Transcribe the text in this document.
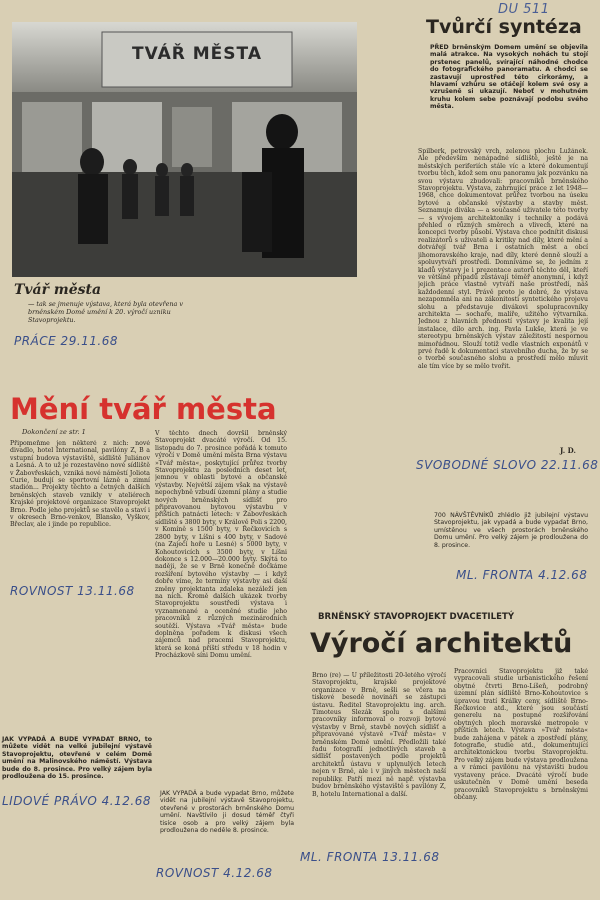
TVÁŘ MĚSTA
Tvář města

— tak se jmenuje výstava, která byla otevřena v brněnském Domě umění k 20. výročí uzniku Stavoprojektu.

PRÁCE 29.11.68
DU 511
Tvůrčí syntéza

PŘED brněnským Domem umění se objevila malá atrakce. Na vysokých nohách tu stojí prstenec panelů, svírající náhodné chodce do fotografického panoramatu. A chodci se zastavují uprostřed této cirkorámy, a hlavami vzhůru se otáčejí kolem své osy a vzrušeně si ukazují. Neboť v mohutném kruhu kolem sebe poznávají podobu svého města.

Špilberk, petrovský vrch, zelenou plochu Lužánek. Ale především nenápadné sídliště, ještě je na městských periferiích stále víc a které dokumentují tvorbu těch, kdož sem onu panoramu jak pozvánku na svou výstavu zbudovali: pracovníků brněnského Stavoprojektu. Výstava, zahrnující práce z let 1948—1968, chce dokumentovat průřez tvorbou na úseku bytové a občanské výstavby a stavby měst. Seznamuje diváka — a současně uživatele této tvorby — s vývojem architektoniky i techniky a podává přehled o různých směrech a vlivech, které na koncepci tvorby působí. Výstava chce podnítit diskusi realizátorů s uživateli a kritiky nad díly, které mění a dotvářejí tvář Brna i ostatních měst a obcí jihomoravského kraje, nad díly, které denně slouží a spoluvytváří prostředí. Domníváme se, že jedním z kladů výstavy je i prezentace autorů těchto děl, kteří ve většině případů zůstávají téměř anonymní, i když jejich práce vlastně vytváří naše prostředí, náš každodenní styl. Právě proto je dobré, že výstava nezapomněla ani na zákonitosti syntetického projevu slohu a představuje divákovi spolupracovníky architekta — sochaře, malíře, užitého výtvarníka. Jednou z hlavních předností výstavy je kvalita její instalace, dílo arch. ing. Pavla Lukše, která je ve stereotypu brněnských výstav záležitostí nespornou mimořádnou. Slouží totiž vedle vlastních exponátů v prvé řadě k dokumentaci stavebního ducha, že by se o tvorbě současného slohu a prostředí mělo mluvit ale tím více by se mělo tvořit.

J. D.
SVOBODNÉ SLOVO 22.11.68
Mění tvář města
Dokončení ze str. 1

Připomeňme jen některé z nich: nové divadlo, hotel International, pavilóny Z, B a vstupní budova výstaviště, sídliště Juliánov a Lesná. A to už je rozestavěno nové sídliště v Žabovřeskách, vzniká nové náměstí Joliota Curie, budují se sportovní lázně a zimní stadión... Projekty těchto a četných dalších brněnských staveb vznikly v ateliérech Krajské projektové organizace Stavoprojekt Brno. Podle jeho projektů se stavělo a staví i v okresech Brno-venkov, Blansko, Vyškov, Břeclav, ale i jinde po republice.

V těchto dnech dovršil brněnský Stavoprojekt dvacáté výročí. Od 15. listopadu do 7. prosince pořádá k tomuto výročí v Domě umění města Brna výstavu »Tvář města«, poskytující průřez tvorby Stavoprojektu za posledních deset let, jemnou v oblasti bytové a občanské výstavby. Největší zájem však na výstavě nepochybně vzbudí územní plány a studie nových brněnských sídlišť pro připravovanou bytovou výstavbu v příštích patnácti letech: v Žabovřeskách sídliště s 3800 byty, v Králově Poli s 2200, v Komíně s 1500 byty, v Řečkovicích s 2800 byty, v Líšni s 400 byty, v Sadové (na Zaječí hoře u Lesné) s 5000 byty, v Kohoutovicích s 3500 byty, v Líšni dokonce s 12.000—20.000 byty. Skýtá to naději, že se v Brně konečně dočkáme rozšíření bytového výstavby — i když dobře víme, že termíny výstavby asi daší změny projektanta zdaleka nezáleží jen na nich. Kromě dalších ukázek tvorby Stavoprojektu soustředí výstava i vyznamenané a oceněné studie jeho pracovníků z různých mezinárodních soutěží. Výstava »Tvář města« bude doplněna pořadem k diskusi všech zájemců nad pracemi Stavoprojektu, která se koná příští středu v 18 hodin v Procházkově síni Domu umění.

ROVNOST 13.11.68

700 NÁVŠTĚVNÍKŮ zhlédlo již jubilejní výstavu Stavoprojektu, jak vypadá a bude vypadat Brno, umístěnou ve všech prostorách brněnského Domu umění. Pro velký zájem je prodloužena do 8. prosince.

ML. FRONTA 4.12.68
BRNĚNSKÝ STAVOPROJEKT DVACETILETÝ
Výročí architektů

Brno (re) — U příležitosti 20-letého výročí Stavoprojektu, krajské projektové organizace v Brně, sešli se včera na tiskové besedě novináři se zástupci ústavu. Ředitel Stavoprojektu ing. arch. Timoteus Slezák spolu s dalšími pracovníky informoval o rozvoji bytové výstavby v Brně, stavbě nových sídlišť a připravované výstavě »Tvář města« v brněnském Domě umění. Předložili také řadu fotografií jednotlivých staveb a sídlišť postavených podle projektů architektů ústavu v uplynulých letech nejen v Brně, ale i v jiných městech naší republiky. Patří mezi ně např. výstavba budov brněnského výstaviště s pavilóny Z, B, hotelu International a další.

Pracovníci Stavoprojektu již také vypracovali studie urbanistického řešení obytné čtvrti Brno-Líšeň, podrobný územní plán sídliště Brno-Kohoutovice s úpravou tratí Králky ceny, sídliště Brno-Řečkovice atd., které jsou součástí generelu na postupné rozšiřování obytných ploch moravské metropole v příštích letech. Výstava »Tvář města« bude zahájena v pátek a zpostředí plány, fotografie, studie atd., dokumentující architektonickou tvorbu Stavoprojektu. Pro velký zájem bude výstava prodloužena a v rámci pavilónu na výstavišti budou vystaveny práce. Dvacáté výročí bude uskutečněn v Domě umění beseda pracovníků Stavoprojektu s brněnskými občany.

ML. FRONTA 13.11.68

JAK VYPADÁ A BUDE VYPADAT BRNO, to můžete vidět na velké jubilejní výstavě Stavoprojektu, otevřené v celém Domě umění na Malinovského náměstí. Výstava bude do 8. prosince. Pro velký zájem byla prodloužena do 15. prosince.

LIDOVÉ PRÁVO 4.12.68

JAK VYPADÁ a bude vypadat Brno, můžete vidět na jubilejní výstavě Stavoprojektu, otevřené v prostorách brněnského Domu umění. Navštívilo ji dosud téměř čtyři tisíce osob a pro velký zájem byla prodloužena do neděle 8. prosince.

ROVNOST 4.12.68
